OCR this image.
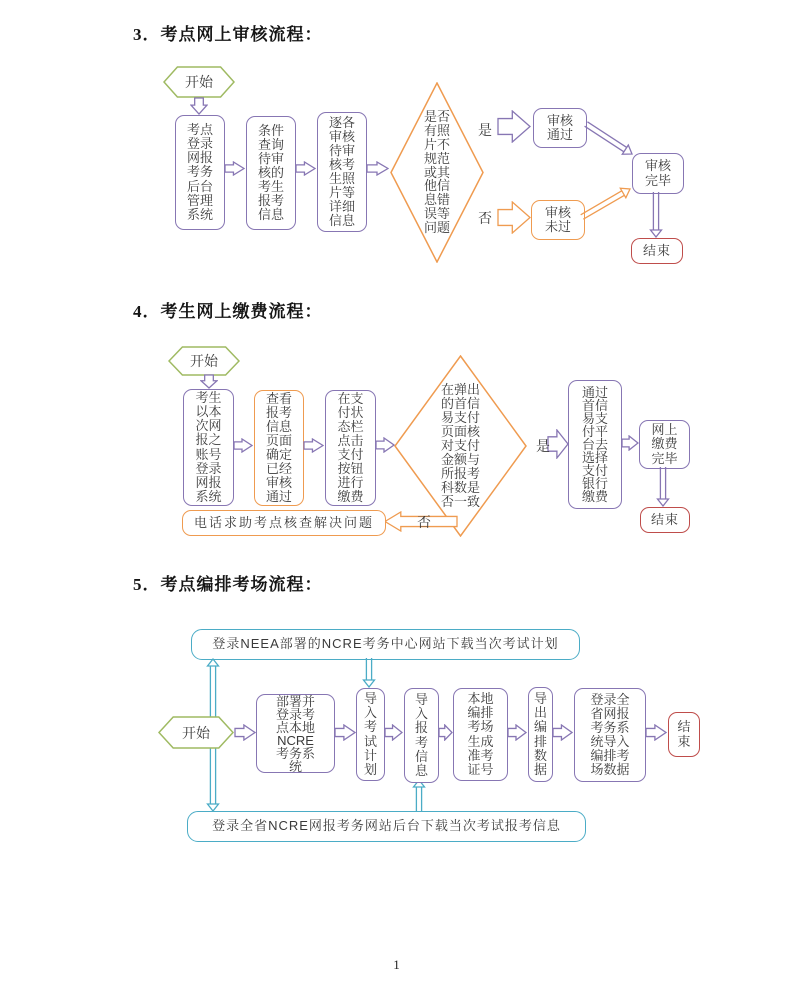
3．考点网上审核流程：
开始
考点登录网报考务后台管理系统
条件查询待审核的考生报考信息
逐各审核待审核考生照片等详细信息
是否有照片不规范或其他信息错误等问题
是
审核通过
否	审核未过
审核完毕
结束
4．考生网上缴费流程：
开始
考生以本次网报之账号登录网报系统
查看报考信息页面确定已经审核通过
在支付状态栏点击支付按钮进行缴费
在弹出的首信易支付页面核对支付金额与所报考科数是否一致
是
通过首信易支付平台去选择支付银行缴费
网上缴费完毕
结束
否
电话求助考点核查解决问题
5．考点编排考场流程：
登录NEEA部署的NCRE考务中心网站下载当次考试计划
开始
部署并登录考点本地NCRE考务系统
导入考试计划
导入报考信息
本地编排考场生成准考证号
导出编排数据
登录全省网报考务系统导入编排考场数据
结束
登录全省NCRE网报考务网站后台下载当次考试报考信息
1
